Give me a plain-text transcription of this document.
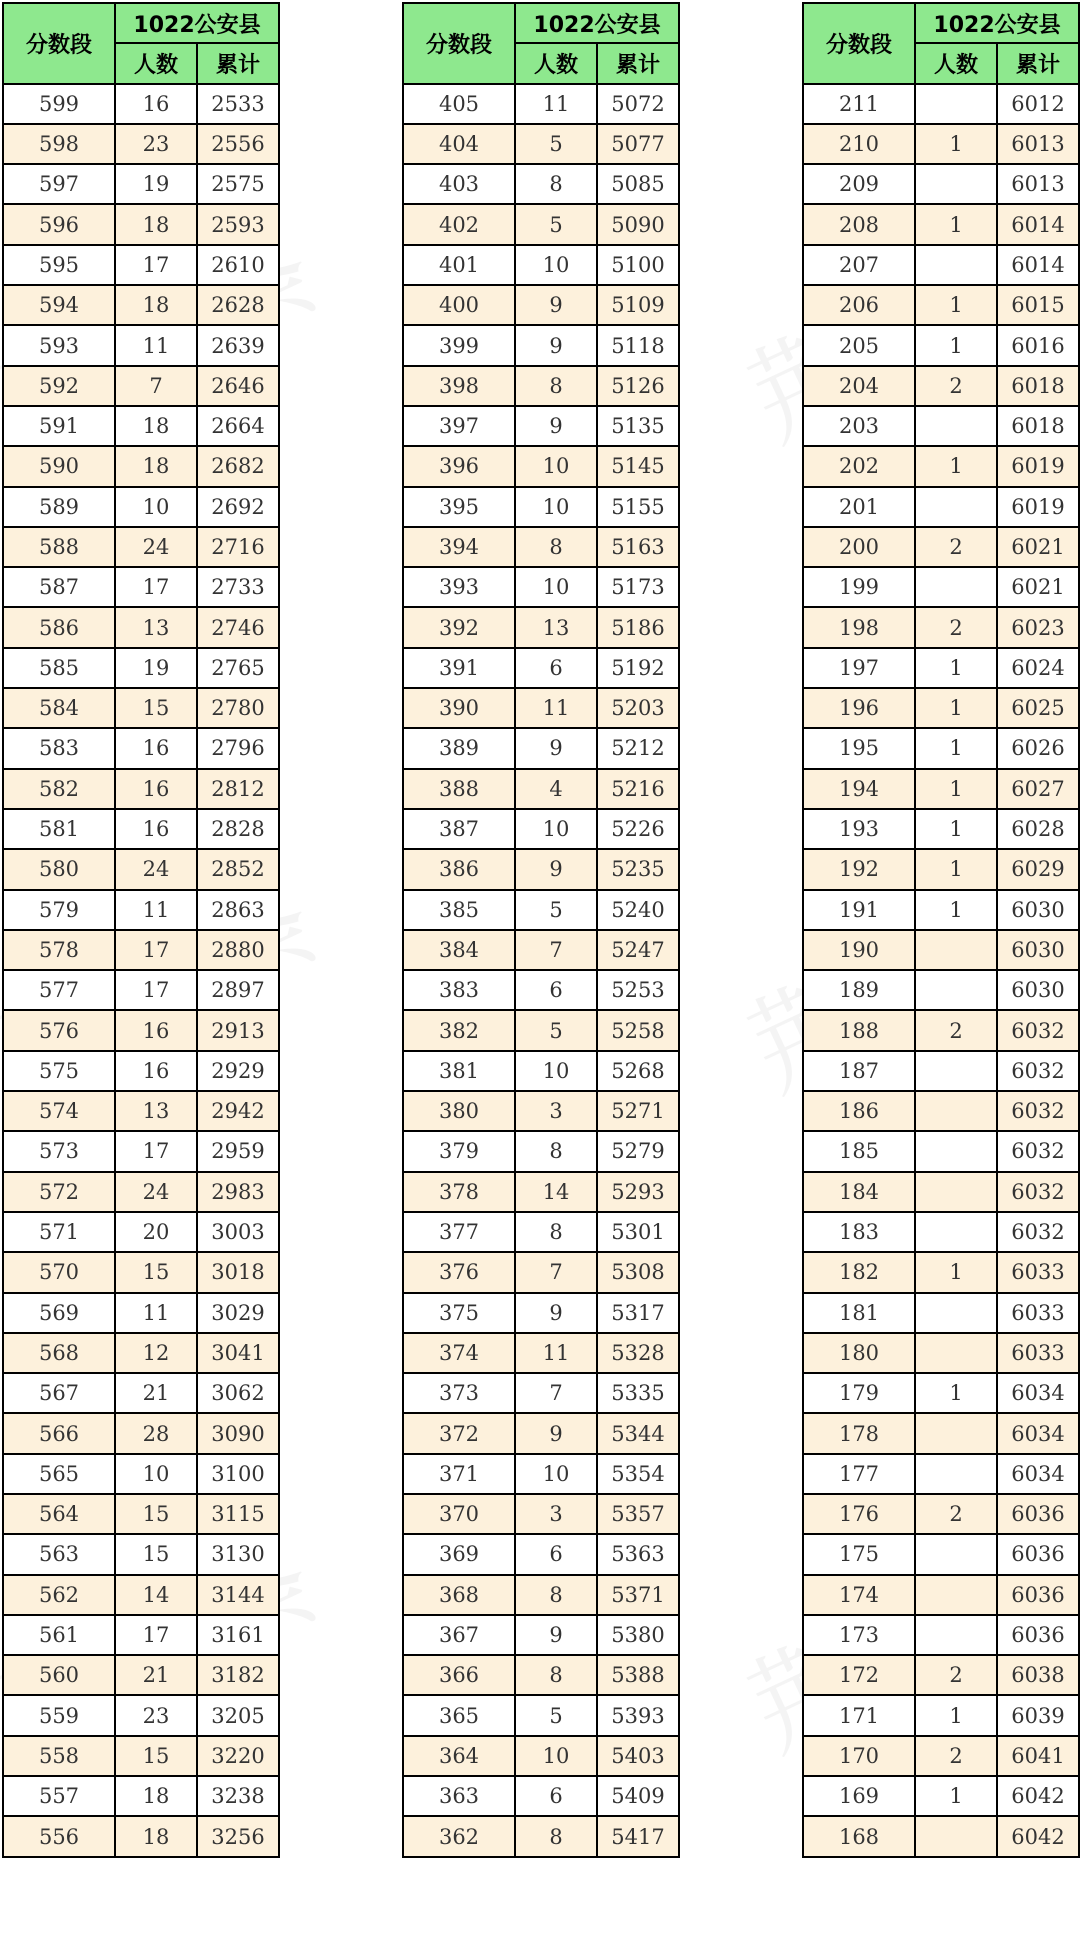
分数段	1022公安县	
	人数	累计
599	16	2533
598	23	2556
597	19	2575
596	18	2593
595	17	2610
594	18	2628
593	11	2639
592	7	2646
591	18	2664
590	18	2682
589	10	2692
588	24	2716
587	17	2733
586	13	2746
585	19	2765
584	15	2780
583	16	2796
582	16	2812
581	16	2828
580	24	2852
579	11	2863
578	17	2880
577	17	2897
576	16	2913
575	16	2929
574	13	2942
573	17	2959
572	24	2983
571	20	3003
570	15	3018
569	11	3029
568	12	3041
567	21	3062
566	28	3090
565	10	3100
564	15	3115
563	15	3130
562	14	3144
561	17	3161
560	21	3182
559	23	3205
558	15	3220
557	18	3238
556	18	3256
分数段	1022公安县	
	人数	累计
405	11	5072
404	5	5077
403	8	5085
402	5	5090
401	10	5100
400	9	5109
399	9	5118
398	8	5126
397	9	5135
396	10	5145
395	10	5155
394	8	5163
393	10	5173
392	13	5186
391	6	5192
390	11	5203
389	9	5212
388	4	5216
387	10	5226
386	9	5235
385	5	5240
384	7	5247
383	6	5253
382	5	5258
381	10	5268
380	3	5271
379	8	5279
378	14	5293
377	8	5301
376	7	5308
375	9	5317
374	11	5328
373	7	5335
372	9	5344
371	10	5354
370	3	5357
369	6	5363
368	8	5371
367	9	5380
366	8	5388
365	5	5393
364	10	5403
363	6	5409
362	8	5417
分数段	1022公安县	
	人数	累计
211		6012
210	1	6013
209		6013
208	1	6014
207		6014
206	1	6015
205	1	6016
204	2	6018
203		6018
202	1	6019
201		6019
200	2	6021
199		6021
198	2	6023
197	1	6024
196	1	6025
195	1	6026
194	1	6027
193	1	6028
192	1	6029
191	1	6030
190		6030
189		6030
188	2	6032
187		6032
186		6032
185		6032
184		6032
183		6032
182	1	6033
181		6033
180		6033
179	1	6034
178		6034
177		6034
176	2	6036
175		6036
174		6036
173		6036
172	2	6038
171	1	6039
170	2	6041
169	1	6042
168		6042
